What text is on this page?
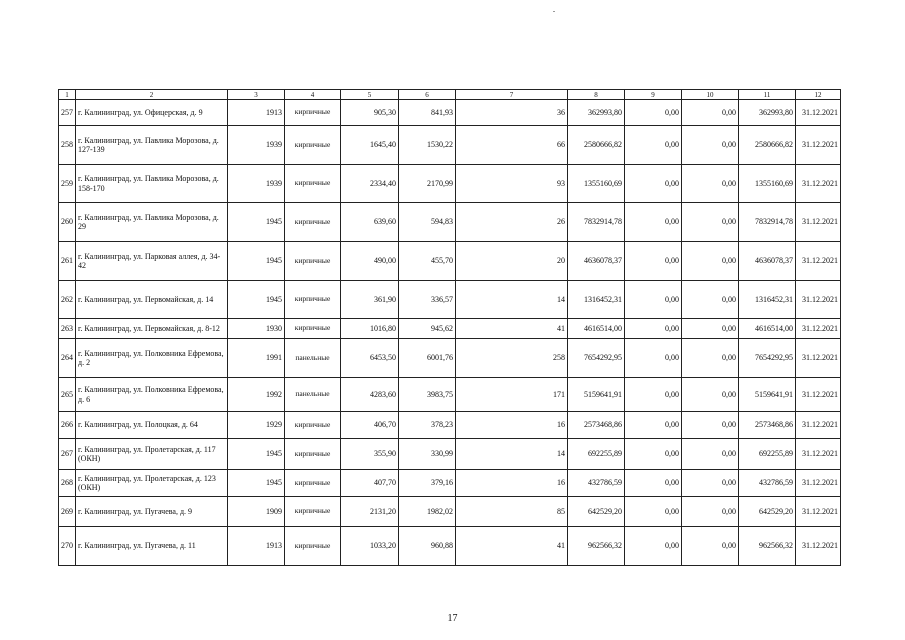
1	2	3	4	5	6	7	8	9	10	11	12
257	г. Калининград, ул. Офицерская, д. 9	1913	кирпичные	905,30	841,93	36	362993,80	0,00	0,00	362993,80	31.12.2021
258	г. Калининград, ул. Павлика Морозова, д. 127-139	1939	кирпичные	1645,40	1530,22	66	2580666,82	0,00	0,00	2580666,82	31.12.2021
259	г. Калининград, ул. Павлика Морозова, д. 158-170	1939	кирпичные	2334,40	2170,99	93	1355160,69	0,00	0,00	1355160,69	31.12.2021
260	г. Калининград, ул. Павлика Морозова, д. 29	1945	кирпичные	639,60	594,83	26	7832914,78	0,00	0,00	7832914,78	31.12.2021
261	г. Калининград, ул. Парковая аллея, д. 34-42	1945	кирпичные	490,00	455,70	20	4636078,37	0,00	0,00	4636078,37	31.12.2021
262	г. Калининград, ул. Первомайская, д. 14	1945	кирпичные	361,90	336,57	14	1316452,31	0,00	0,00	1316452,31	31.12.2021
263	г. Калининград, ул. Первомайская, д. 8-12	1930	кирпичные	1016,80	945,62	41	4616514,00	0,00	0,00	4616514,00	31.12.2021
264	г. Калининград, ул. Полковника Ефремова, д. 2	1991	панельные	6453,50	6001,76	258	7654292,95	0,00	0,00	7654292,95	31.12.2021
265	г. Калининград, ул. Полковника Ефремова, д. 6	1992	панельные	4283,60	3983,75	171	5159641,91	0,00	0,00	5159641,91	31.12.2021
266	г. Калининград, ул. Полоцкая, д. 64	1929	кирпичные	406,70	378,23	16	2573468,86	0,00	0,00	2573468,86	31.12.2021
267	г. Калининград, ул. Пролетарская, д. 117 (ОКН)	1945	кирпичные	355,90	330,99	14	692255,89	0,00	0,00	692255,89	31.12.2021
268	г. Калининград, ул. Пролетарская, д. 123 (ОКН)	1945	кирпичные	407,70	379,16	16	432786,59	0,00	0,00	432786,59	31.12.2021
269	г. Калининград, ул. Пугачева, д. 9	1909	кирпичные	2131,20	1982,02	85	642529,20	0,00	0,00	642529,20	31.12.2021
270	г. Калининград, ул. Пугачева, д. 11	1913	кирпичные	1033,20	960,88	41	962566,32	0,00	0,00	962566,32	31.12.2021
17
